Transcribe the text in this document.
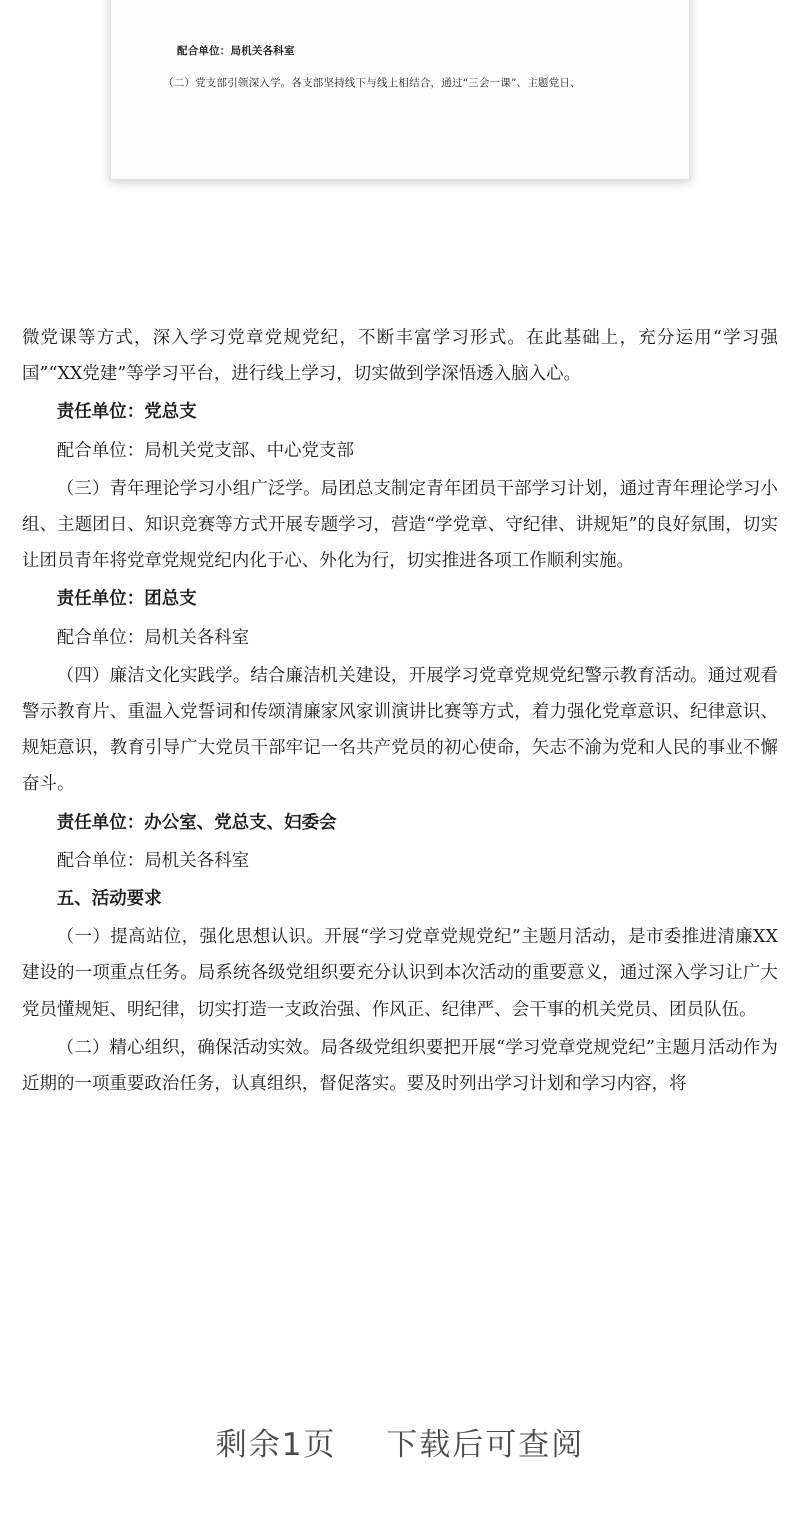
配合单位：局机关各科室
（二）党支部引领深入学。各支部坚持线下与线上相结合，通过“三会一课”、主题党日、

微党课等方式，深入学习党章党规党纪，不断丰富学习形式。在此基础上，充分运用“学习强国”“XX党建”等学习平台，进行线上学习，切实做到学深悟透入脑入心。

责任单位：党总支

配合单位：局机关党支部、中心党支部

（三）青年理论学习小组广泛学。局团总支制定青年团员干部学习计划，通过青年理论学习小组、主题团日、知识竞赛等方式开展专题学习，营造“学党章、守纪律、讲规矩”的良好氛围，切实让团员青年将党章党规党纪内化于心、外化为行，切实推进各项工作顺利实施。

责任单位：团总支

配合单位：局机关各科室

（四）廉洁文化实践学。结合廉洁机关建设，开展学习党章党规党纪警示教育活动。通过观看警示教育片、重温入党誓词和传颂清廉家风家训演讲比赛等方式，着力强化党章意识、纪律意识、规矩意识，教育引导广大党员干部牢记一名共产党员的初心使命，矢志不渝为党和人民的事业不懈奋斗。

责任单位：办公室、党总支、妇委会

配合单位：局机关各科室

五、活动要求

（一）提高站位，强化思想认识。开展“学习党章党规党纪”主题月活动，是市委推进清廉XX建设的一项重点任务。局系统各级党组织要充分认识到本次活动的重要意义，通过深入学习让广大党员懂规矩、明纪律，切实打造一支政治强、作风正、纪律严、会干事的机关党员、团员队伍。

（二）精心组织，确保活动实效。局各级党组织要把开展“学习党章党规党纪”主题月活动作为近期的一项重要政治任务，认真组织，督促落实。要及时列出学习计划和学习内容，将

剩余1页 下载后可查阅
